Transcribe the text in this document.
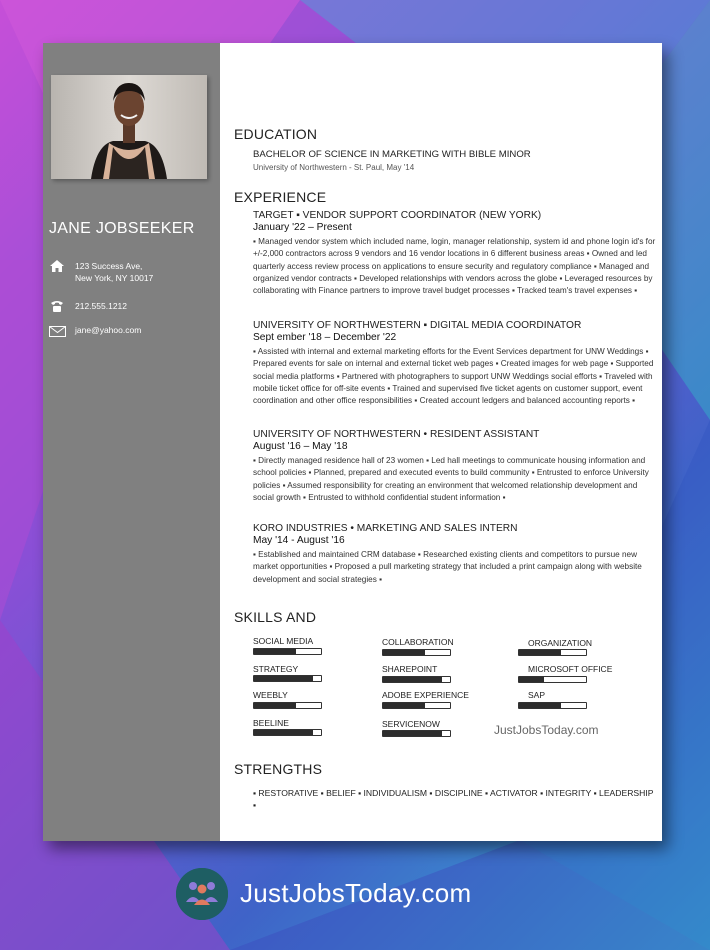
JANE JOBSEEKER
123 Success Ave,
New York, NY 10017
212.555.1212
jane@yahoo.com
EDUCATION
BACHELOR OF SCIENCE IN MARKETING WITH BIBLE MINOR
University of Northwestern - St. Paul, May '14
EXPERIENCE
TARGET ▪ VENDOR SUPPORT COORDINATOR (NEW YORK)
January '22 – Present
▪ Managed vendor system which included name, login, manager relationship, system id and phone login id's for +/-2,000 contractors across 9 vendors and 16 vendor locations in 6 different business areas ▪ Owned and led quarterly access review process on applications to ensure security and regulatory compliance ▪ Managed and organized vendor contracts ▪ Developed relationships with vendors across the globe ▪ Leveraged resources by collaborating with Finance partners to improve travel budget processes ▪ Tracked team's travel expenses ▪
UNIVERSITY OF NORTHWESTERN ▪ DIGITAL MEDIA COORDINATOR
Sept ember '18 – December '22
▪ Assisted with internal and external marketing efforts for the Event Services department for UNW Weddings ▪ Prepared events for sale on internal and external ticket web pages ▪ Created images for web page ▪ Supported social media platforms ▪ Partnered with photographers to support UNW Weddings social efforts ▪ Traveled with mobile ticket office for off-site events ▪ Trained and supervised five ticket agents on customer support, event coordination and other office responsibilities ▪ Created account ledgers and balanced accounting reports ▪
UNIVERSITY OF NORTHWESTERN • RESIDENT ASSISTANT
August '16 – May '18
▪ Directly managed residence hall of 23 women ▪ Led hall meetings to communicate housing information and school policies ▪ Planned, prepared and executed events to build community ▪ Entrusted to enforce University policies ▪ Assumed responsibility for creating an environment that welcomed relationship development and social growth ▪ Entrusted to withhold confidential student information ▪
KORO INDUSTRIES • MARKETING AND SALES INTERN
May '14 - August '16
▪ Established and maintained CRM database ▪ Researched existing clients and competitors to pursue new market opportunities ▪ Proposed a pull marketing strategy that included a print campaign along with website development and social strategies ▪
SKILLS AND
SOCIAL MEDIA
STRATEGY
WEEBLY
BEELINE
COLLABORATION
SHAREPOINT
ADOBE EXPERIENCE
SERVICENOW
ORGANIZATION
MICROSOFT OFFICE
SAP
STRENGTHS
▪ RESTORATIVE ▪ BELIEF ▪ INDIVIDUALISM ▪ DISCIPLINE ▪ ACTIVATOR ▪ INTEGRITY ▪ LEADERSHIP ▪
JustJobsToday.com
JustJobsToday.com
